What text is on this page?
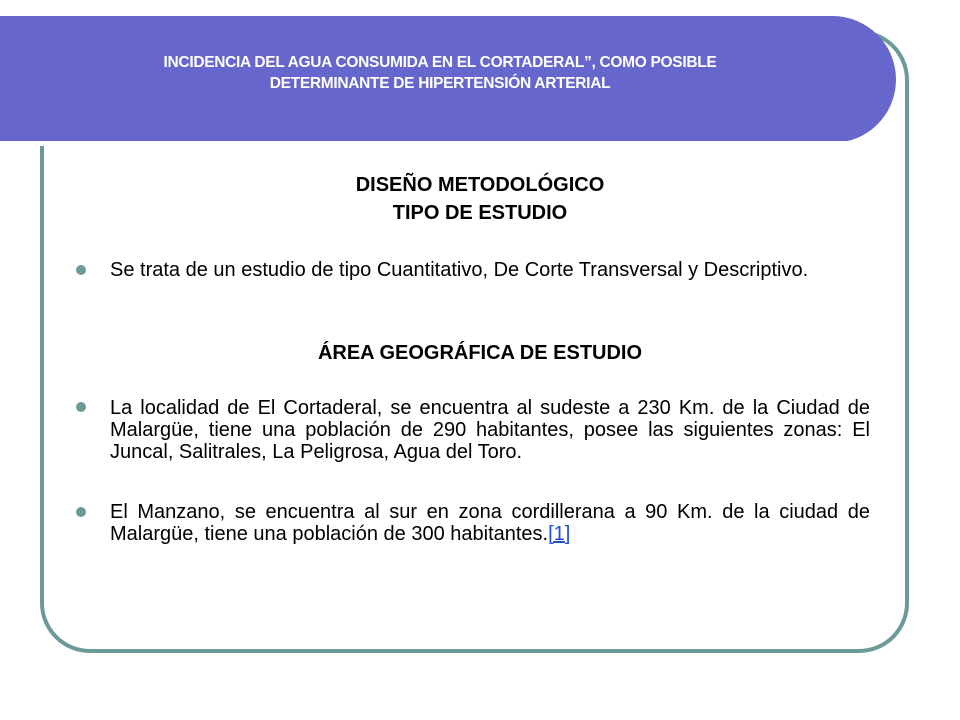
INCIDENCIA DEL AGUA CONSUMIDA EN EL CORTADERAL”, COMO POSIBLE
DETERMINANTE DE HIPERTENSIÓN ARTERIAL
DISEÑO METODOLÓGICO
TIPO DE ESTUDIO
Se trata de un estudio de tipo Cuantitativo, De Corte Transversal y Descriptivo.
ÁREA GEOGRÁFICA DE ESTUDIO
La localidad de El Cortaderal, se encuentra al sudeste a 230 Km. de la Ciudad de Malargüe, tiene una población de 290 habitantes, posee las siguientes zonas: El Juncal, Salitrales, La Peligrosa, Agua del Toro.
El Manzano, se encuentra al sur en zona cordillerana a 90 Km. de la ciudad de Malargüe, tiene una población de 300 habitantes.[1]
